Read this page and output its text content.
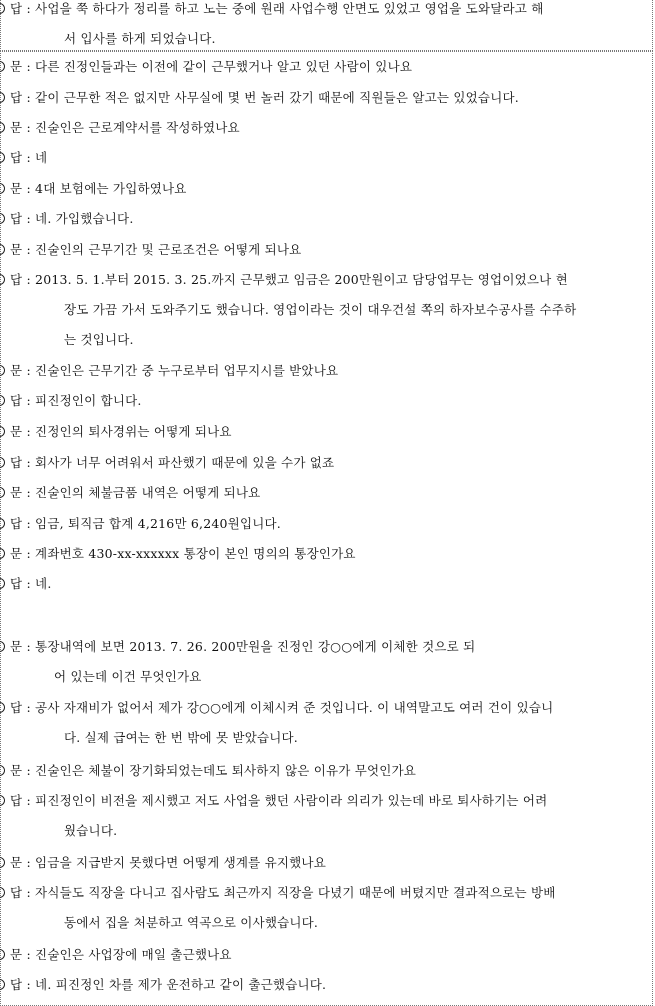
답 : 사업을 쭉 하다가 정리를 하고 노는 중에 원래 사업수행 안면도 있었고 영업을 도와달라고 해
서 입사를 하게 되었습니다.
문 : 다른 진정인들과는 이전에 같이 근무했거나 알고 있던 사람이 있나요
답 : 같이 근무한 적은 없지만 사무실에 몇 번 놀러 갔기 때문에 직원들은 알고는 있었습니다.
문 : 진술인은 근로계약서를 작성하였나요
답 : 네
문 : 4대 보험에는 가입하였나요
답 : 네. 가입했습니다.
문 : 진술인의 근무기간 및 근로조건은 어떻게 되나요
답 : 2013. 5. 1.부터 2015. 3. 25.까지 근무했고 임금은 200만원이고 담당업무는 영업이었으나 현
장도 가끔 가서 도와주기도 했습니다. 영업이라는 것이 대우건설 쪽의 하자보수공사를 수주하
는 것입니다.
문 : 진술인은 근무기간 중 누구로부터 업무지시를 받았나요
답 : 피진정인이 합니다.
문 : 진정인의 퇴사경위는 어떻게 되나요
답 : 회사가 너무 어려워서 파산했기 때문에 있을 수가 없죠
문 : 진술인의 체불금품 내역은 어떻게 되나요
답 : 임금, 퇴직금 합계 4,216만 6,240원입니다.
문 : 계좌번호 430-xx-xxxxxx 통장이 본인 명의의 통장인가요
답 : 네.
문 : 통장내역에 보면 2013. 7. 26. 200만원을 진정인 강○○에게 이체한 것으로 되
어 있는데 이건 무엇인가요
답 : 공사 자재비가 없어서 제가 강○○에게 이체시켜 준 것입니다. 이 내역말고도 여러 건이 있습니
다. 실제 급여는 한 번 밖에 못 받았습니다.
문 : 진술인은 체불이 장기화되었는데도 퇴사하지 않은 이유가 무엇인가요
답 : 피진정인이 비전을 제시했고 저도 사업을 했던 사람이라 의리가 있는데 바로 퇴사하기는 어려
웠습니다.
문 : 임금을 지급받지 못했다면 어떻게 생계를 유지했나요
답 : 자식들도 직장을 다니고 집사람도 최근까지 직장을 다녔기 때문에 버텼지만 결과적으로는 방배
동에서 집을 처분하고 역곡으로 이사했습니다.
문 : 진술인은 사업장에 매일 출근했나요
답 : 네. 피진정인 차를 제가 운전하고 같이 출근했습니다.
